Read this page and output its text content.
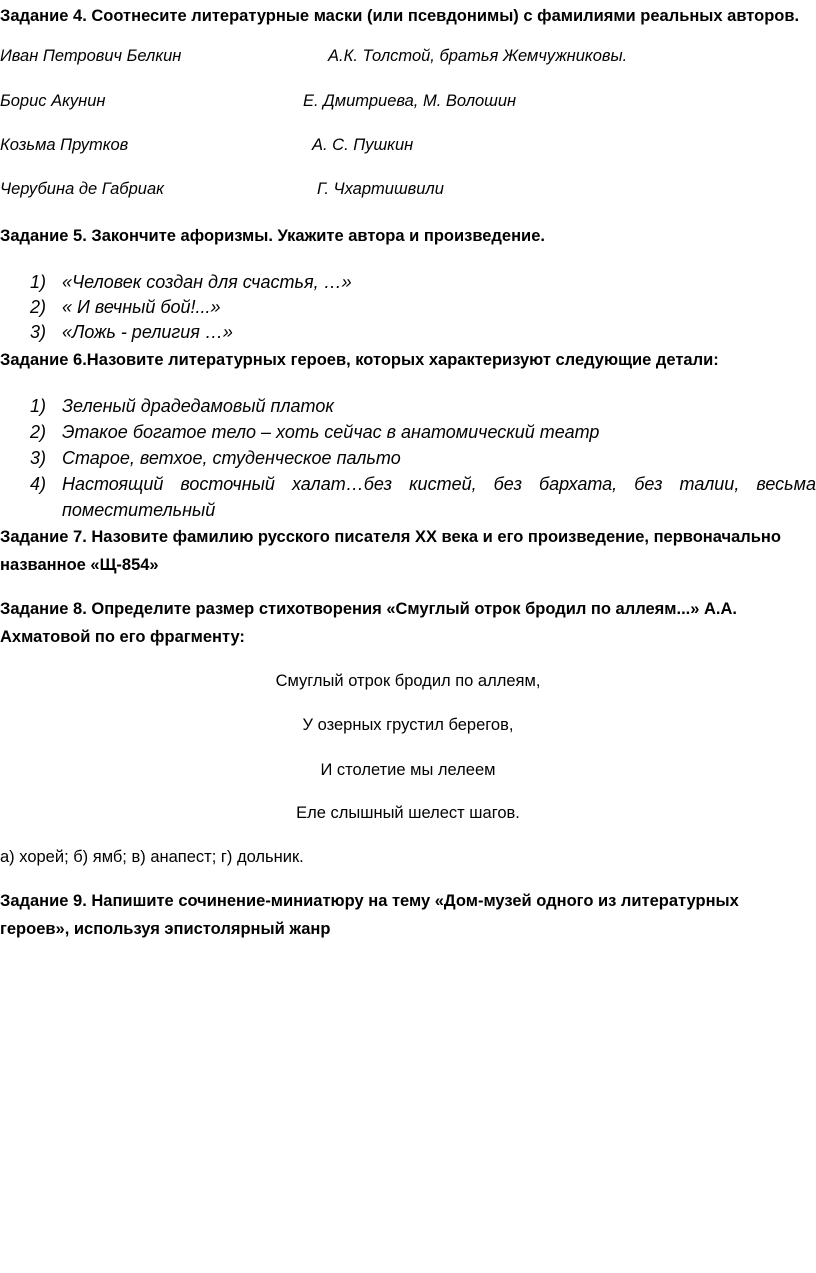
Задание 4. Соотнесите литературные маски (или псевдонимы) с фамилиями реальных авторов.
Иван Петрович Белкин	А.К. Толстой, братья Жемчужниковы.
Борис Акунин	Е. Дмитриева, М. Волошин
Козьма Прутков	А. С. Пушкин
Черубина де Габриак	Г. Чхартишвили
Задание 5. Закончите афоризмы. Укажите автора и произведение.
1) «Человек создан для счастья, …»
2) « И вечный бой!...»
3) «Ложь - религия …»
Задание 6.Назовите литературных героев, которых характеризуют следующие детали:
1) Зеленый драдедамовый платок
2) Этакое богатое тело – хоть сейчас в анатомический театр
3) Старое, ветхое, студенческое пальто
4) Настоящий восточный халат…без кистей, без бархата, без талии, весьма поместительный
Задание 7. Назовите фамилию русского писателя XX века и его произведение, первоначально названное «Щ-854»
Задание 8. Определите размер стихотворения «Смуглый отрок бродил по аллеям...» А.А. Ахматовой по его фрагменту:
Смуглый отрок бродил по аллеям,
У озерных грустил берегов,
И столетие мы лелеем
Еле слышный шелест шагов.
а) хорей; б) ямб; в) анапест; г) дольник.
Задание 9. Напишите сочинение-миниатюру на тему «Дом-музей одного из литературных героев», используя эпистолярный жанр
